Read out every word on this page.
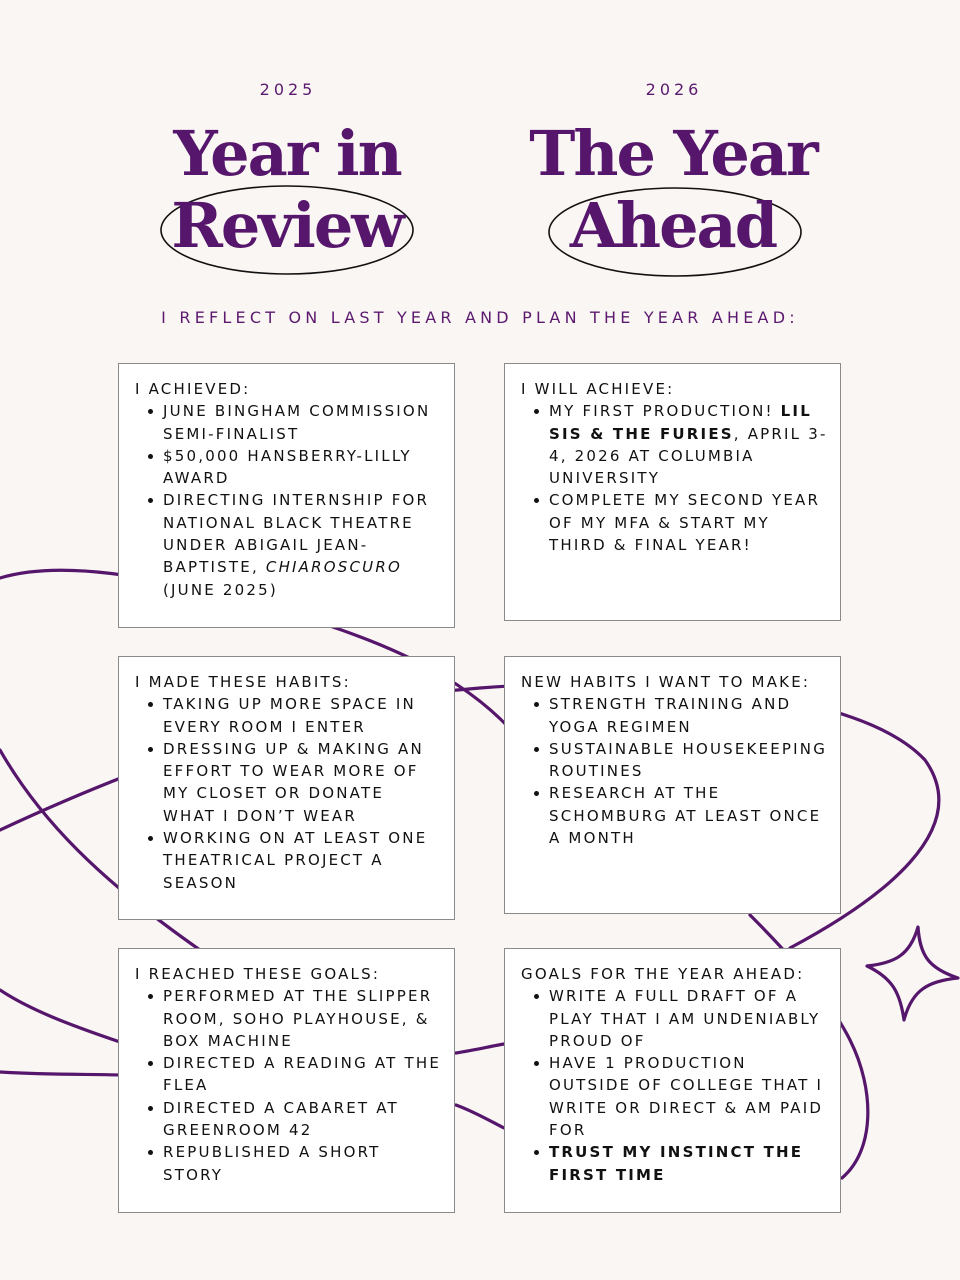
2025
Year in
Review
2026
The Year
Ahead
I REFLECT ON LAST YEAR AND PLAN THE YEAR AHEAD:
I ACHIEVED:
JUNE BINGHAM COMMISSION SEMI-FINALIST
$50,000 HANSBERRY-LILLY AWARD
DIRECTING INTERNSHIP FOR NATIONAL BLACK THEATRE UNDER ABIGAIL JEAN-BAPTISTE, CHIAROSCURO (JUNE 2025)
I WILL ACHIEVE:
MY FIRST PRODUCTION! LIL SIS & THE FURIES, APRIL 3-4, 2026 AT COLUMBIA UNIVERSITY
COMPLETE MY SECOND YEAR OF MY MFA & START MY THIRD & FINAL YEAR!
I MADE THESE HABITS:
TAKING UP MORE SPACE IN EVERY ROOM I ENTER
DRESSING UP & MAKING AN EFFORT TO WEAR MORE OF MY CLOSET OR DONATE WHAT I DON’T WEAR
WORKING ON AT LEAST ONE THEATRICAL PROJECT A SEASON
NEW HABITS I WANT TO MAKE:
STRENGTH TRAINING AND YOGA REGIMEN
SUSTAINABLE HOUSEKEEPING ROUTINES
RESEARCH AT THE SCHOMBURG AT LEAST ONCE A MONTH
I REACHED THESE GOALS:
PERFORMED AT THE SLIPPER ROOM, SOHO PLAYHOUSE, & BOX MACHINE
DIRECTED A READING AT THE FLEA
DIRECTED A CABARET AT GREENROOM 42
REPUBLISHED A SHORT STORY
GOALS FOR THE YEAR AHEAD:
WRITE A FULL DRAFT OF A PLAY THAT I AM UNDENIABLY PROUD OF
HAVE 1 PRODUCTION OUTSIDE OF COLLEGE THAT I WRITE OR DIRECT & AM PAID FOR
TRUST MY INSTINCT THE FIRST TIME
